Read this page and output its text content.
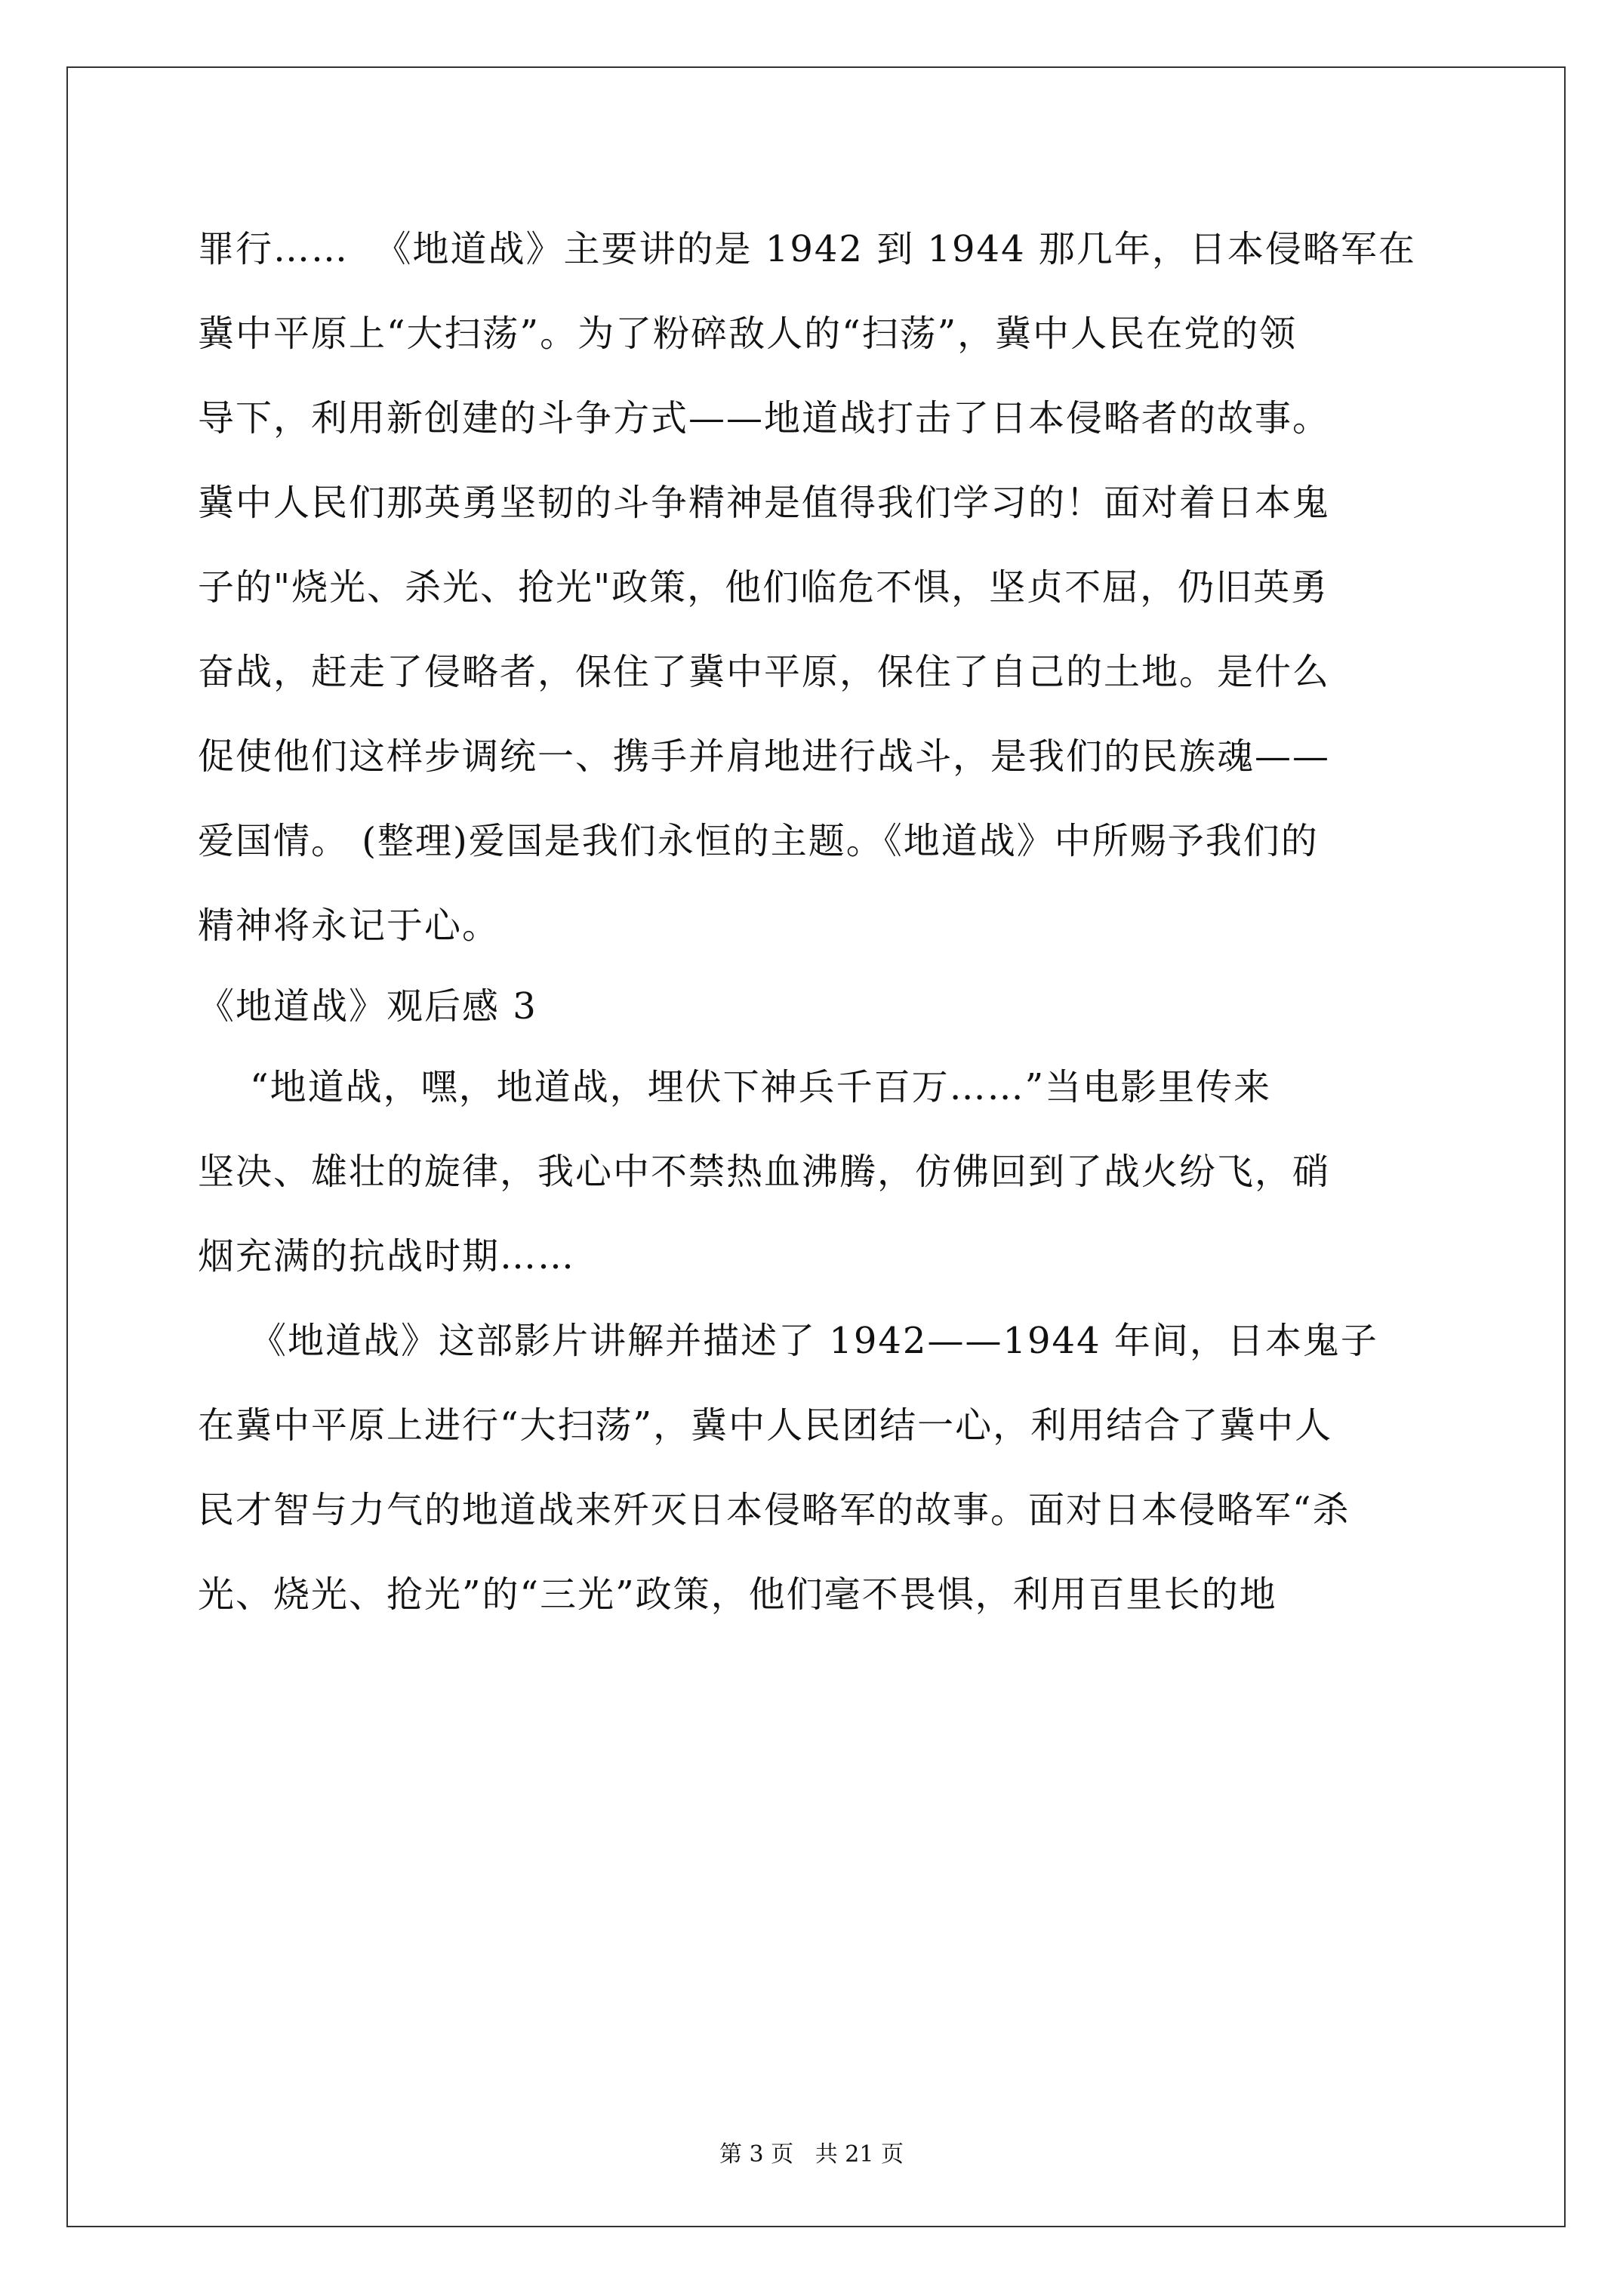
罪行……  《地道战》主要讲的是 1942 到 1944 那几年，日本侵略军在
冀中平原上“大扫荡”。为了粉碎敌人的“扫荡”，冀中人民在党的领
导下，利用新创建的斗争方式——地道战打击了日本侵略者的故事。
冀中人民们那英勇坚韧的斗争精神是值得我们学习的！面对着日本鬼
子的"烧光、杀光、抢光"政策，他们临危不惧，坚贞不屈，仍旧英勇
奋战，赶走了侵略者，保住了冀中平原，保住了自己的土地。是什么
促使他们这样步调统一、携手并肩地进行战斗，是我们的民族魂——
爱国情。 (整理)爱国是我们永恒的主题。《地道战》中所赐予我们的
精神将永记于心。
《地道战》观后感 3
“地道战，嘿，地道战，埋伏下神兵千百万……”当电影里传来
坚决、雄壮的旋律，我心中不禁热血沸腾，仿佛回到了战火纷飞，硝
烟充满的抗战时期……
《地道战》这部影片讲解并描述了 1942——1944 年间，日本鬼子
在冀中平原上进行“大扫荡”，冀中人民团结一心，利用结合了冀中人
民才智与力气的地道战来歼灭日本侵略军的故事。面对日本侵略军“杀
光、烧光、抢光”的“三光”政策，他们毫不畏惧，利用百里长的地
第 3 页   共 21 页
